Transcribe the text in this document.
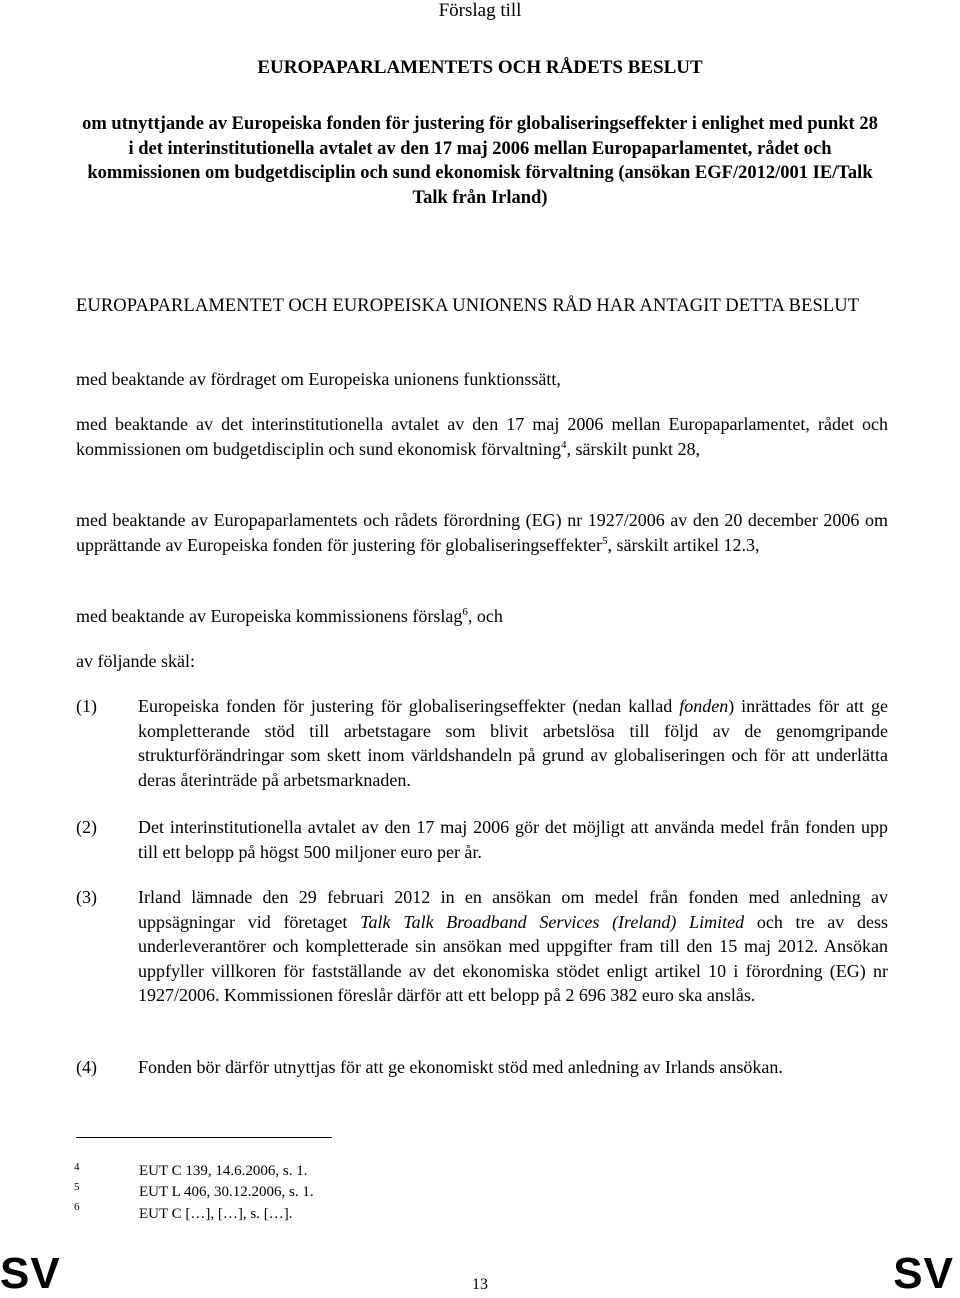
Förslag till
EUROPAPARLAMENTETS OCH RÅDETS BESLUT
om utnyttjande av Europeiska fonden för justering för globaliseringseffekter i enlighet med punkt 28 i det interinstitutionella avtalet av den 17 maj 2006 mellan Europaparlamentet, rådet och kommissionen om budgetdisciplin och sund ekonomisk förvaltning (ansökan EGF/2012/001 IE/Talk Talk från Irland)
EUROPAPARLAMENTET OCH EUROPEISKA UNIONENS RÅD HAR ANTAGIT DETTA BESLUT
med beaktande av fördraget om Europeiska unionens funktionssätt,
med beaktande av det interinstitutionella avtalet av den 17 maj 2006 mellan Europaparlamentet, rådet och kommissionen om budgetdisciplin och sund ekonomisk förvaltning$^4$, särskilt punkt 28,
med beaktande av Europaparlamentets och rådets förordning (EG) nr 1927/2006 av den 20 december 2006 om upprättande av Europeiska fonden för justering för globaliseringseffekter$^5$, särskilt artikel 12.3,
med beaktande av Europeiska kommissionens förslag$^6$, och
av följande skäl:
(1) Europeiska fonden för justering för globaliseringseffekter (nedan kallad fonden) inrättades för att ge kompletterande stöd till arbetstagare som blivit arbetslösa till följd av de genomgripande strukturförändringar som skett inom världshandeln på grund av globaliseringen och för att underlätta deras återinträde på arbetsmarknaden.
(2) Det interinstitutionella avtalet av den 17 maj 2006 gör det möjligt att använda medel från fonden upp till ett belopp på högst 500 miljoner euro per år.
(3) Irland lämnade den 29 februari 2012 in en ansökan om medel från fonden med anledning av uppsägningar vid företaget Talk Talk Broadband Services (Ireland) Limited och tre av dess underleverantörer och kompletterade sin ansökan med uppgifter fram till den 15 maj 2012. Ansökan uppfyller villkoren för fastställande av det ekonomiska stödet enligt artikel 10 i förordning (EG) nr 1927/2006. Kommissionen föreslår därför att ett belopp på 2 696 382 euro ska anslås.
(4) Fonden bör därför utnyttjas för att ge ekonomiskt stöd med anledning av Irlands ansökan.
4	EUT C 139, 14.6.2006, s. 1.
5	EUT L 406, 30.12.2006, s. 1.
6	EUT C […], […], s. […].
SV	13	SV
